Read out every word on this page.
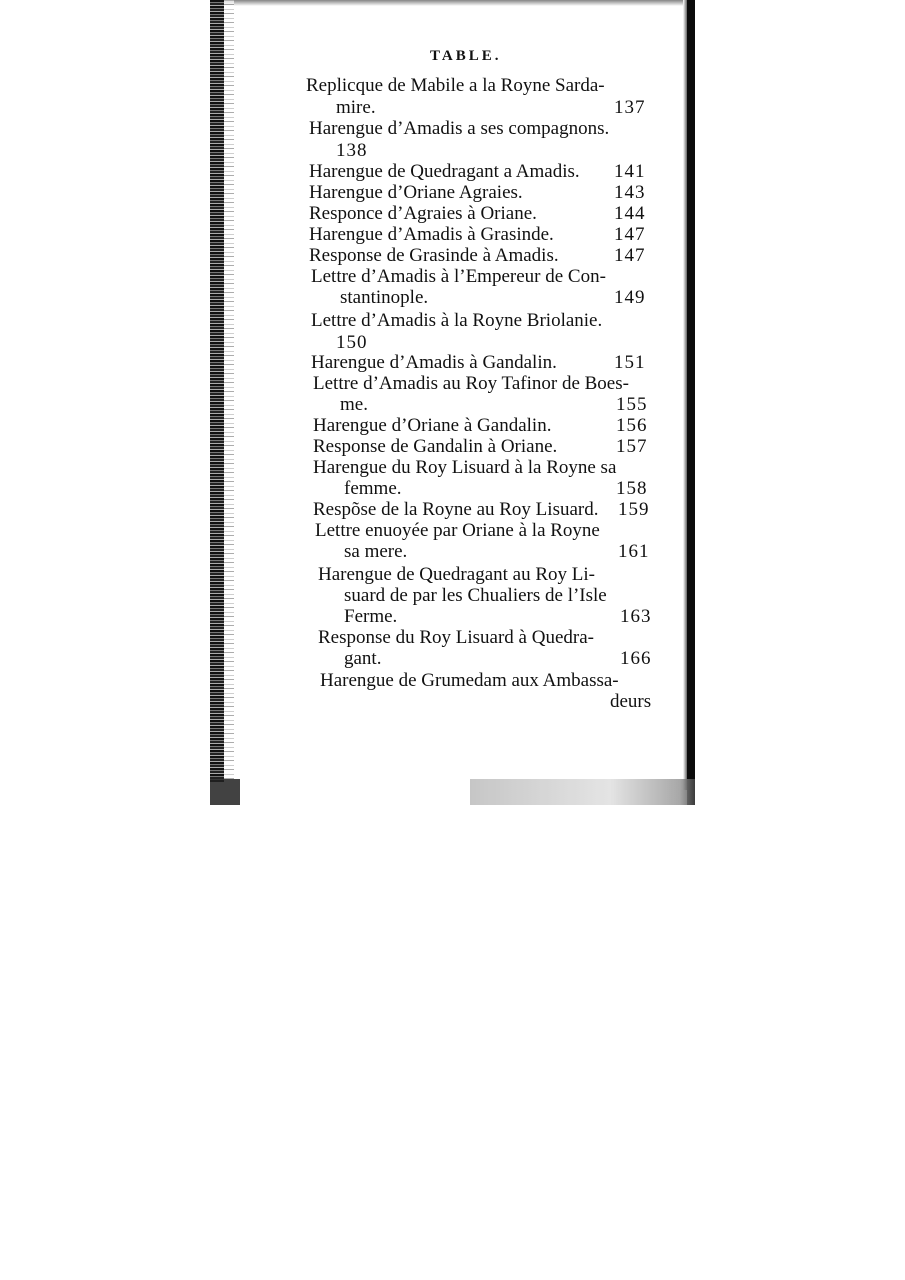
TABLE.
Replicque de Mabile a la Royne Sarda-
mire.	137
Harengue d’Amadis a ses compagnons.
138
Harengue de Quedragant a Amadis. 141
Harengue d’Oriane Agraies.	143
Responce d’Agraies à Oriane.	144
Harengue d’Amadis à Grasinde.	147
Responsе de Grasinde à Amadis.	147
Lettre d’Amadis à l’Empereur de Con-
stantinople.	149
Lettre d’Amadis à la Royne Briolanie.
150
Harengue d’Amadis à Gandalin.	151
Lettre d’Amadis au Roy Tafinor de Boes-
me.	155
Harengue d’Oriane à Gandalin.	156
Response de Gandalin à Oriane.	157
Harengue du Roy Lisuard à la Royne sa
femme.	158
Respõse de la Royne au Roy Lisuard. 159
Lettre enuoyée par Oriane à la Royne
sa mere.	161
Harengue de Quedragant au Roy Li-
suard de par les Chualiers de l’Isle
Ferme.	163
Response du Roy Lisuard à Quedra-
gant.	166
Harengue de Grumedam aux Ambassa-
deurs
